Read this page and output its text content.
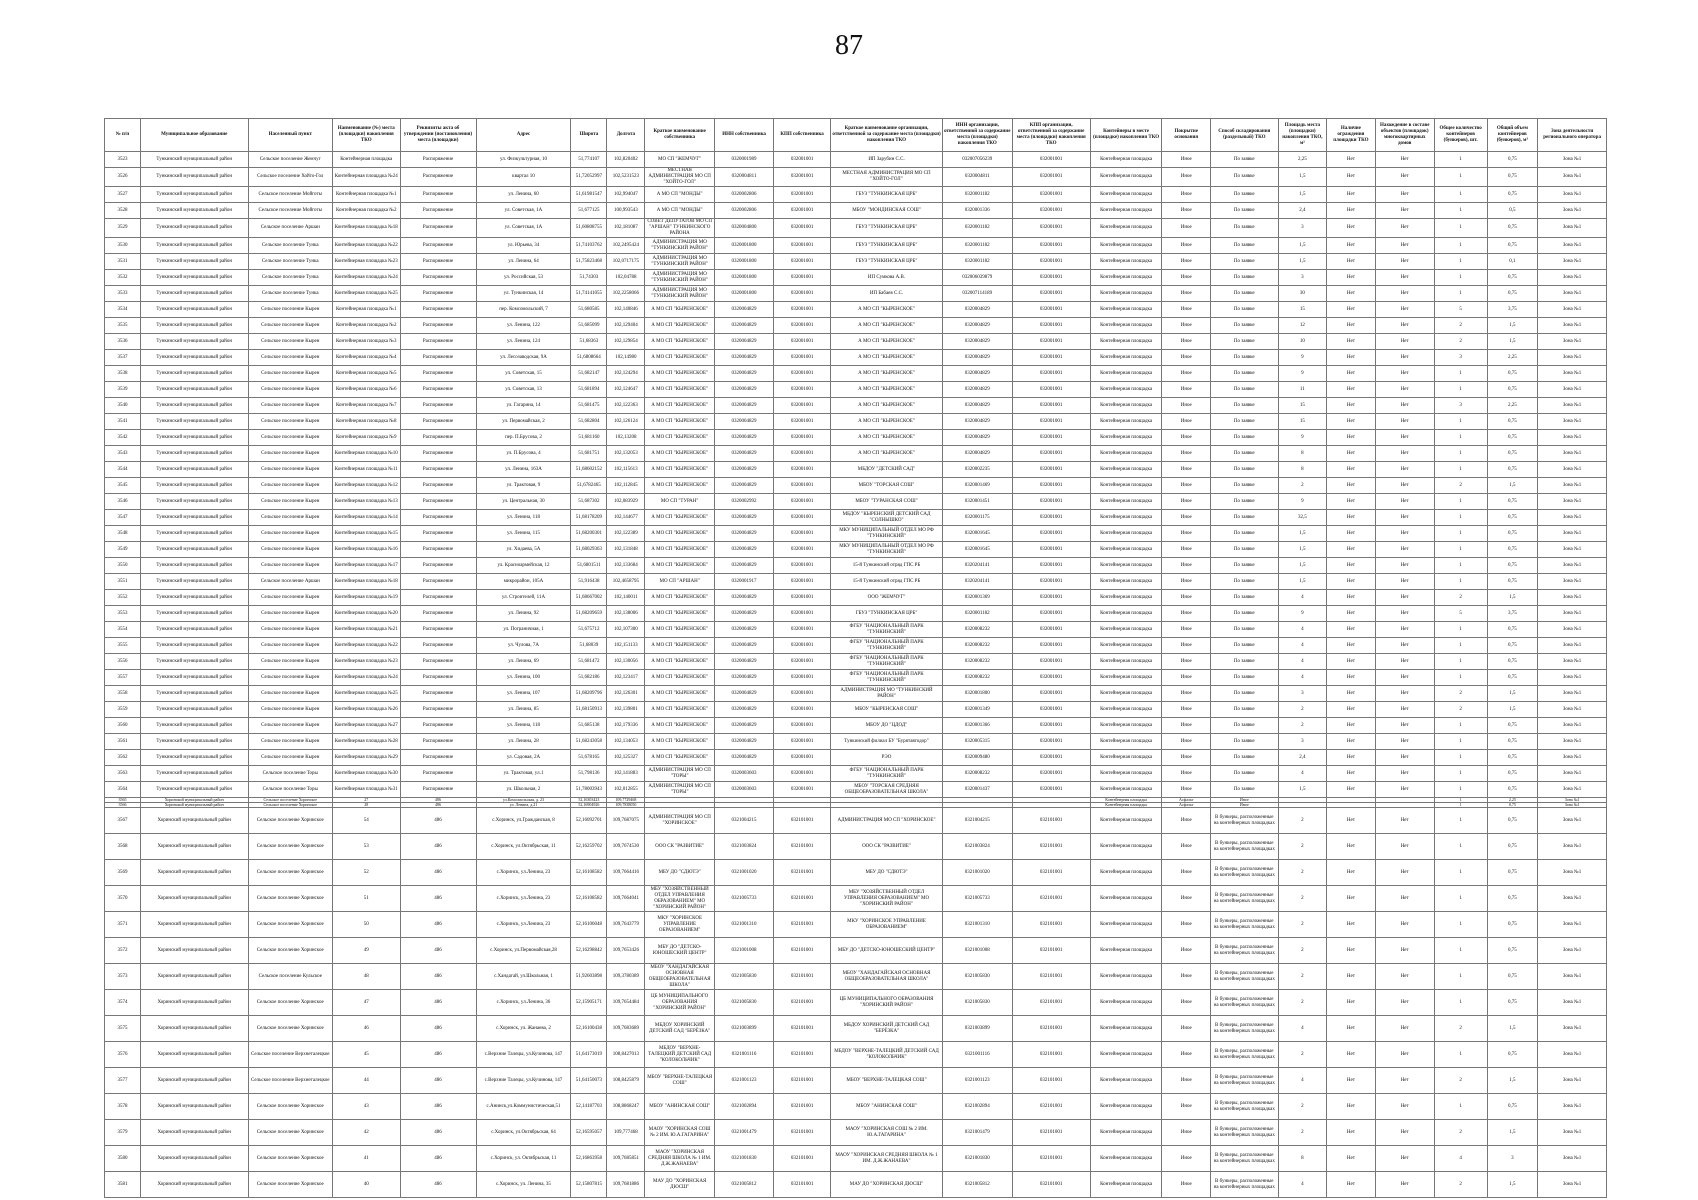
87
№ п/п	Муниципальное образование	Населенный пункт	Наименование (№) места (площадки) накопления ТКО	Реквизиты акта об утверждении (постановления) места (площадки)	Адрес	Широта	Долгота	Краткое наименование собственника	ИНН собственника	КПП собственника	Краткое наименование организации, ответственной за содержание места (площадки) накопления ТКО	ИНН организации, ответственной за содержание места (площадки) накопления ТКО	КПП организации, ответственной за содержание места (площадки) накопления ТКО	Контейнеры в месте (площадке) накопления ТКО	Покрытие основания	Способ складирования (раздельный) ТКО	Площадь места (площадки) накопления ТКО, м²	Наличие ограждения площадки ТКО	Нахождение в составе объектов (площадок) многоквартирных домов	Общее количество контейнеров (бункеров), шт.	Общий объем контейнеров (бункеров), м³	Зона деятельности регионального оператора
3523	Тункинский муниципальный район	Сельское поселение Жемчуг	Контейнерная площадка	Распоряжение	ул. Физкультурная, 10	51,774107	102,820402	МО СП "ЖЕМЧУГ"	0320001989	032001001	ИП Зарубин С.С.	032007056239	032001001	Контейнерная площадка	Иное	По заявке	2,25	Нет	Нет	1	0,75	Зона №1
3526	Тункинский муниципальный район	Сельское поселение Хойто-Гол	Контейнерная площадка №24	Распоряжение	квартал 10	51,72052997	102,5231523	МЕСТНАЯ АДМИНИСТРАЦИЯ МО СП "ХОЙТО-ГОЛ"	0320004811	032001001	МЕСТНАЯ АДМИНИСТРАЦИЯ МО СП "ХОЙТО-ГОЛ"	0320004811	032001001	Контейнерная площадка	Иное	По заявке	1,5	Нет	Нет	1	0,75	Зона №1
3527	Тункинский муниципальный район	Сельское поселение Мойготы	Контейнерная площадка №1	Распоряжение	ул. Ленина, 60	51,61981547	102,994047	А МО СП "МОНДЫ"	0320002806	032001001	ГБУЗ "ТУНКИНСКАЯ ЦРБ"	0320001182	032001001	Контейнерная площадка	Иное	По заявке	1,5	Нет	Нет	1	0,75	Зона №1
3528	Тункинский муниципальный район	Сельское поселение Мойготы	Контейнерная площадка №2	Распоряжение	ул. Советская, 1А	51,677125	100,993543	А МО СП "МОНДЫ"	0320002806	032001001	МБОУ "МОНДИНСКАЯ СОШ"	0320001336	032001001	Контейнерная площадка	Иное	По заявке	2,4	Нет	Нет	1	0,5	Зона №1
3529	Тункинский муниципальный район	Сельское поселение Аршан	Контейнерная площадка №18	Распоряжение	ул. Советская, 1А	51,60808755	102,181087	СОВЕТ ДЕПУТАТОВ МО СП "АРШАН" ТУНКИНСКОГО РАЙОНА	0320004800	032001001	ГБУЗ "ТУНКИНСКАЯ ЦРБ"	0320001182	032001001	Контейнерная площадка	Иное	По заявке	3	Нет	Нет	1	0,75	Зона №1
3530	Тункинский муниципальный район	Сельское поселение Тунка	Контейнерная площадка №22	Распоряжение	ул. Юрьева, 34	51,74103762	102,2495424	АДМИНИСТРАЦИЯ МО "ТУНКИНСКИЙ РАЙОН"	0320001800	032001001	ГБУЗ "ТУНКИНСКАЯ ЦРБ"	0320001182	032001001	Контейнерная площадка	Иное	По заявке	1,5	Нет	Нет	1	0,75	Зона №1
3531	Тункинский муниципальный район	Сельское поселение Тунка	Контейнерная площадка №23	Распоряжение	ул. Ленина, 64	51,75823468	102,0717175	АДМИНИСТРАЦИЯ МО "ТУНКИНСКИЙ РАЙОН"	0320001800	032001001	ГБУЗ "ТУНКИНСКАЯ ЦРБ"	0320001182	032001001	Контейнерная площадка	Иное	По заявке	1,5	Нет	Нет	1	0,1	Зона №1
3532	Тункинский муниципальный район	Сельское поселение Тунка	Контейнерная площадка №24	Распоряжение	ул. Российская, 53	51,74303	102,04788	АДМИНИСТРАЦИЯ МО "ТУНКИНСКИЙ РАЙОН"	0320001800	032001001	ИП Сумкова А.В.	032006039879	032001001	Контейнерная площадка	Иное	По заявке	3	Нет	Нет	1	0,75	Зона №1
3533	Тункинский муниципальный район	Сельское поселение Тунка	Контейнерная площадка №25	Распоряжение	ул. Тункинская, 14	51,74141055	102,2258066	АДМИНИСТРАЦИЯ МО "ТУНКИНСКИЙ РАЙОН"	0320001800	032001001	ИП Бабаев С.С.	032007114189	032001001	Контейнерная площадка	Иное	По заявке	30	Нет	Нет	1	0,75	Зона №1
3534	Тункинский муниципальный район	Сельское поселение Кырен	Контейнерная площадка №1	Распоряжение	пер. Комсомольский, 7	51,680585	102,140846	А МО СП "КЫРЕНСКОЕ"	0320004829	032001001	А МО СП "КЫРЕНСКОЕ"	0320004829	032001001	Контейнерная площадка	Иное	По заявке	15	Нет	Нет	5	3,75	Зона №1
3535	Тункинский муниципальный район	Сельское поселение Кырен	Контейнерная площадка №2	Распоряжение	ул. Ленина, 122	51,685099	102,129404	А МО СП "КЫРЕНСКОЕ"	0320004829	032001001	А МО СП "КЫРЕНСКОЕ"	0320004829	032001001	Контейнерная площадка	Иное	По заявке	12	Нет	Нет	2	1,5	Зона №1
3536	Тункинский муниципальный район	Сельское поселение Кырен	Контейнерная площадка №3	Распоряжение	ул. Ленина, 124	51,68363	102,129854	А МО СП "КЫРЕНСКОЕ"	0320004829	032001001	А МО СП "КЫРЕНСКОЕ"	0320004829	032001001	Контейнерная площадка	Иное	По заявке	10	Нет	Нет	2	1,5	Зона №1
3537	Тункинский муниципальный район	Сельское поселение Кырен	Контейнерная площадка №4	Распоряжение	ул. Лесозаводская, 9А	51,6808664	102,14980	А МО СП "КЫРЕНСКОЕ"	0320004829	032001001	А МО СП "КЫРЕНСКОЕ"	0320004829	032001001	Контейнерная площадка	Иное	По заявке	9	Нет	Нет	3	2,25	Зона №1
3538	Тункинский муниципальный район	Сельское поселение Кырен	Контейнерная площадка №5	Распоряжение	ул. Советская, 15	51,682147	102,124294	А МО СП "КЫРЕНСКОЕ"	0320004829	032001001	А МО СП "КЫРЕНСКОЕ"	0320004829	032001001	Контейнерная площадка	Иное	По заявке	9	Нет	Нет	1	0,75	Зона №1
3539	Тункинский муниципальный район	Сельское поселение Кырен	Контейнерная площадка №6	Распоряжение	ул. Советская, 13	51,681894	102,124647	А МО СП "КЫРЕНСКОЕ"	0320004829	032001001	А МО СП "КЫРЕНСКОЕ"	0320004829	032001001	Контейнерная площадка	Иное	По заявке	11	Нет	Нет	1	0,75	Зона №1
3540	Тункинский муниципальный район	Сельское поселение Кырен	Контейнерная площадка №7	Распоряжение	ул. Гагарина, 14	51,681475	102,122363	А МО СП "КЫРЕНСКОЕ"	0320004829	032001001	А МО СП "КЫРЕНСКОЕ"	0320004829	032001001	Контейнерная площадка	Иное	По заявке	15	Нет	Нет	3	2,25	Зона №1
3541	Тункинский муниципальный район	Сельское поселение Кырен	Контейнерная площадка №8	Распоряжение	ул. Первомайская, 2	51,682804	102,126124	А МО СП "КЫРЕНСКОЕ"	0320004829	032001001	А МО СП "КЫРЕНСКОЕ"	0320004829	032001001	Контейнерная площадка	Иное	По заявке	15	Нет	Нет	1	0,75	Зона №1
3542	Тункинский муниципальный район	Сельское поселение Кырен	Контейнерная площадка №9	Распоряжение	пер. П.Брусова, 2	51,681160	102,13208	А МО СП "КЫРЕНСКОЕ"	0320004829	032001001	А МО СП "КЫРЕНСКОЕ"	0320004829	032001001	Контейнерная площадка	Иное	По заявке	9	Нет	Нет	1	0,75	Зона №1
3543	Тункинский муниципальный район	Сельское поселение Кырен	Контейнерная площадка №10	Распоряжение	ул. П.Брусова, 4	51,681751	102,132053	А МО СП "КЫРЕНСКОЕ"	0320004829	032001001	А МО СП "КЫРЕНСКОЕ"	0320004829	032001001	Контейнерная площадка	Иное	По заявке	8	Нет	Нет	1	0,75	Зона №1
3544	Тункинский муниципальный район	Сельское поселение Кырен	Контейнерная площадка №11	Распоряжение	ул. Ленина, 163А	51,68602152	102,115613	А МО СП "КЫРЕНСКОЕ"	0320004829	032001001	МБДОУ "ДЕТСКИЙ САД"	0320002235	032001001	Контейнерная площадка	Иное	По заявке	8	Нет	Нет	1	0,75	Зона №1
3545	Тункинский муниципальный район	Сельское поселение Кырен	Контейнерная площадка №12	Распоряжение	ул. Трактовая, 9	51,6782465	102,112845	А МО СП "КЫРЕНСКОЕ"	0320004829	032001001	МБОУ "ТОРСКАЯ СОШ"	0320001469	032001001	Контейнерная площадка	Иное	По заявке	2	Нет	Нет	2	1,5	Зона №1
3546	Тункинский муниципальный район	Сельское поселение Кырен	Контейнерная площадка №13	Распоряжение	ул. Центральная, 30	51,687302	102,083929	МО СП "ТУРАН"	0320002992	032001001	МБОУ "ТУРАНСКАЯ СОШ"	0320001451	032001001	Контейнерная площадка	Иное	По заявке	9	Нет	Нет	1	0,75	Зона №1
3547	Тункинский муниципальный район	Сельское поселение Кырен	Контейнерная площадка №14	Распоряжение	ул. Ленина, 118	51,68178209	102,144677	А МО СП "КЫРЕНСКОЕ"	0320004829	032001001	МБДОУ "КЫРЕНСКИЙ ДЕТСКИЙ САД "СОЛНЫШКО"	0320001175	032001001	Контейнерная площадка	Иное	По заявке	32,5	Нет	Нет	1	0,75	Зона №1
3548	Тункинский муниципальный район	Сельское поселение Кырен	Контейнерная площадка №15	Распоряжение	ул. Ленина, 115	51,68200301	102,122389	А МО СП "КЫРЕНСКОЕ"	0320004829	032001001	МКУ МУНИЦИПАЛЬНЫЙ ОТДЕЛ МО РФ "ТУНКИНСКИЙ"	0320001645	032001001	Контейнерная площадка	Иное	По заявке	1,5	Нет	Нет	1	0,75	Зона №1
3549	Тункинский муниципальный район	Сельское поселение Кырен	Контейнерная площадка №16	Распоряжение	ул. Хидаева, 5А	51,68029363	102,131848	А МО СП "КЫРЕНСКОЕ"	0320004829	032001001	МКУ МУНИЦИПАЛЬНЫЙ ОТДЕЛ МО РФ "ТУНКИНСКИЙ"	0320001645	032001001	Контейнерная площадка	Иное	По заявке	1,5	Нет	Нет	1	0,75	Зона №1
3550	Тункинский муниципальный район	Сельское поселение Кырен	Контейнерная площадка №17	Распоряжение	ул. Красноармейская, 12	51,6801511	102,133684	А МО СП "КЫРЕНСКОЕ"	0320004829	032001001	15-й Тункинский отряд ГПС РБ	0320204141	032001001	Контейнерная площадка	Иное	По заявке	1,5	Нет	Нет	1	0,75	Зона №1
3551	Тункинский муниципальный район	Сельское поселение Аршан	Контейнерная площадка №18	Распоряжение	микрорайон, 105А	51,916438	102,4658795	МО СП "АРШАН"	0320001917	032001001	15-й Тункинский отряд ГПС РБ	0320204141	032001001	Контейнерная площадка	Иное	По заявке	1,5	Нет	Нет	1	0,75	Зона №1
3552	Тункинский муниципальный район	Сельское поселение Кырен	Контейнерная площадка №19	Распоряжение	ул. Строителей, 11А	51,68667002	102,140011	А МО СП "КЫРЕНСКОЕ"	0320004829	032001001	ООО "ЖЕМЧУГ"	0320001369	032001001	Контейнерная площадка	Иное	По заявке	4	Нет	Нет	2	1,5	Зона №1
3553	Тункинский муниципальный район	Сельское поселение Кырен	Контейнерная площадка №20	Распоряжение	ул. Ленина, 92	51,68209659	102,138006	А МО СП "КЫРЕНСКОЕ"	0320004829	032001001	ГБУЗ "ТУНКИНСКАЯ ЦРБ"	0320001182	032001001	Контейнерная площадка	Иное	По заявке	9	Нет	Нет	5	3,75	Зона №1
3554	Тункинский муниципальный район	Сельское поселение Кырен	Контейнерная площадка №21	Распоряжение	ул. Пограничная, 1	51,675712	102,107300	А МО СП "КЫРЕНСКОЕ"	0320004829	032001001	ФГБУ "НАЦИОНАЛЬНЫЙ ПАРК "ТУНКИНСКИЙ"	0320008232	032001001	Контейнерная площадка	Иное	По заявке	4	Нет	Нет	1	0,75	Зона №1
3555	Тункинский муниципальный район	Сельское поселение Кырен	Контейнерная площадка №22	Распоряжение	ул. Чулова, 7А	51,68039	102,151133	А МО СП "КЫРЕНСКОЕ"	0320004829	032001001	ФГБУ "НАЦИОНАЛЬНЫЙ ПАРК "ТУНКИНСКИЙ"	0320008232	032001001	Контейнерная площадка	Иное	По заявке	4	Нет	Нет	1	0,75	Зона №1
3556	Тункинский муниципальный район	Сельское поселение Кырен	Контейнерная площадка №23	Распоряжение	ул. Ленина, 69	51,681472	102,130056	А МО СП "КЫРЕНСКОЕ"	0320004829	032001001	ФГБУ "НАЦИОНАЛЬНЫЙ ПАРК "ТУНКИНСКИЙ"	0320008232	032001001	Контейнерная площадка	Иное	По заявке	4	Нет	Нет	1	0,75	Зона №1
3557	Тункинский муниципальный район	Сельское поселение Кырен	Контейнерная площадка №24	Распоряжение	ул. Ленина, 100	51,682186	102,123417	А МО СП "КЫРЕНСКОЕ"	0320004829	032001001	ФГБУ "НАЦИОНАЛЬНЫЙ ПАРК "ТУНКИНСКИЙ"	0320008232	032001001	Контейнерная площадка	Иное	По заявке	4	Нет	Нет	1	0,75	Зона №1
3558	Тункинский муниципальный район	Сельское поселение Кырен	Контейнерная площадка №25	Распоряжение	ул. Ленина, 107	51,68209796	102,126301	А МО СП "КЫРЕНСКОЕ"	0320004829	032001001	АДМИНИСТРАЦИЯ МО "ТУНКИНСКИЙ РАЙОН"	0320001800	032001001	Контейнерная площадка	Иное	По заявке	3	Нет	Нет	2	1,5	Зона №1
3559	Тункинский муниципальный район	Сельское поселение Кырен	Контейнерная площадка №26	Распоряжение	ул. Ленина, 85	51,68150913	102,139801	А МО СП "КЫРЕНСКОЕ"	0320004829	032001001	МБОУ "КЫРЕНСКАЯ СОШ"	0320001349	032001001	Контейнерная площадка	Иное	По заявке	2	Нет	Нет	2	1,5	Зона №1
3560	Тункинский муниципальный район	Сельское поселение Кырен	Контейнерная площадка №27	Распоряжение	ул. Ленина, 118	51,685138	102,179336	А МО СП "КЫРЕНСКОЕ"	0320004829	032001001	МБОУ ДО "ЦДОД"	0320001366	032001001	Контейнерная площадка	Иное	По заявке	2	Нет	Нет	1	0,75	Зона №1
3561	Тункинский муниципальный район	Сельское поселение Кырен	Контейнерная площадка №28	Распоряжение	ул. Ленина, 28	51,68243058	102,134053	А МО СП "КЫРЕНСКОЕ"	0320004829	032001001	Тункинский филиал БУ "Бурятавтодор"	0320005315	032001001	Контейнерная площадка	Иное	По заявке	3	Нет	Нет	1	0,75	Зона №1
3562	Тункинский муниципальный район	Сельское поселение Кырен	Контейнерная площадка №29	Распоряжение	ул. Садовая, 2А	51,678165	102,125327	А МО СП "КЫРЕНСКОЕ"	0320004829	032001001	РЭО	0320009480	032001001	Контейнерная площадка	Иное	По заявке	2,4	Нет	Нет	1	0,75	Зона №1
3563	Тункинский муниципальный район	Сельское поселение Торы	Контейнерная площадка №30	Распоряжение	ул. Трактовая, ул.1	51,798136	102,141883	АДМИНИСТРАЦИЯ МО СП "ТОРЫ"	0320003603	032001001	ФГБУ "НАЦИОНАЛЬНЫЙ ПАРК "ТУНКИНСКИЙ"	0320008232	032001001	Контейнерная площадка	Иное	По заявке	4	Нет	Нет	1	0,75	Зона №1
3564	Тункинский муниципальный район	Сельское поселение Торы	Контейнерная площадка №31	Распоряжение	ул. Школьная, 2	51,78003943	102,012855	АДМИНИСТРАЦИЯ МО СП "ТОРЫ"	0320003603	032001001	МБОУ "ТОРСКАЯ СРЕДНЯЯ ОБЩЕОБРАЗОВАТЕЛЬНАЯ ШКОЛА"	0320001437	032001001	Контейнерная площадка	Иное	По заявке	1,5	Нет	Нет	1	0,75	Зона №1
3565	Хоринский муниципальный район	Сельское поселение Хоринское	27	486	ул.Комсомольская, д. 23	52,16303423	109,7729468							Контейнерная площадка	Асфальт	Иное				1	2,25	Зона №1
3566	Хоринский муниципальный район	Сельское поселение Хоринское	28	486	ул. Ленина, д.21	52,16904926	109,7838050							Контейнерная площадка	Асфальт	Иное				1	0,75	Зона №1
3567	Хоринский муниципальный район	Сельское поселение Хоринское	54	486	с.Хоринск, ул.Гражданская, 8	52,16092701	109,7687075	АДМИНИСТРАЦИЯ МО СП "ХОРИНСКОЕ"	0321004215	032101001	АДМИНИСТРАЦИЯ МО СП "ХОРИНСКОЕ"	0321004215	032101001	Контейнерная площадка	Иное	В бункеры, расположенные на контейнерных площадках	2	Нет	Нет	1	0,75	Зона №1
3568	Хоринский муниципальный район	Сельское поселение Хоринское	53	486	с.Хоринск, ул.Октябрьская, 11	52,16259702	109,7674530	ООО СК "РАЗВИТИЕ"	0321003824	032101001	ООО СК "РАЗВИТИЕ"	0321003824	032101001	Контейнерная площадка	Иное	В бункеры, расположенные на контейнерных площадках	2	Нет	Нет	1	0,75	Зона №1
3569	Хоринский муниципальный район	Сельское поселение Хоринское	52	486	с.Хоринск, ул.Ленина, 23	52,16108582	109,7664416	МБУ ДО "СДЮТЭ"	0321001020	032101001	МБУ ДО "СДЮТЭ"	0321001020	032101001	Контейнерная площадка	Иное	В бункеры, расположенные на контейнерных площадках	2	Нет	Нет	1	0,75	Зона №1
3570	Хоринский муниципальный район	Сельское поселение Хоринское	51	486	с.Хоринск, ул.Ленина, 23	52,16108582	109,7664041	МБУ "ХОЗЯЙСТВЕННЫЙ ОТДЕЛ УПРАВЛЕНИЯ ОБРАЗОВАНИЕМ" МО "ХОРИНСКИЙ РАЙОН"	0321005733	032101001	МБУ "ХОЗЯЙСТВЕННЫЙ ОТДЕЛ УПРАВЛЕНИЯ ОБРАЗОВАНИЕМ" МО "ХОРИНСКИЙ РАЙОН"	0321005733	032101001	Контейнерная площадка	Иное	В бункеры, расположенные на контейнерных площадках	2	Нет	Нет	1	0,75	Зона №1
3571	Хоринский муниципальный район	Сельское поселение Хоринское	50	486	с.Хоринск, ул.Ленина, 23	52,16106048	109,7643779	МКУ "ХОРИНСКОЕ УПРАВЛЕНИЕ ОБРАЗОВАНИЕМ"	0321001310	032101001	МКУ "ХОРИНСКОЕ УПРАВЛЕНИЕ ОБРАЗОВАНИЕМ"	0321001310	032101001	Контейнерная площадка	Иное	В бункеры, расположенные на контейнерных площадках	2	Нет	Нет	1	0,75	Зона №1
3572	Хоринский муниципальный район	Сельское поселение Хоринское	49	486	с.Хоринск, ул.Первомайская,28	52,16298842	109,7653426	МБУ ДО "ДЕТСКО-ЮНОШЕСКИЙ ЦЕНТР"	0321001008	032101001	МБУ ДО "ДЕТСКО-ЮНОШЕСКИЙ ЦЕНТР"	0321001008	032101001	Контейнерная площадка	Иное	В бункеры, расположенные на контейнерных площадках	2	Нет	Нет	1	0,75	Зона №1
3573	Хоринский муниципальный район	Сельское поселение Кульское	48	486	с.Хандагай, ул.Школьная, 1	51,92603898	109,3780389	МБОУ "ХАНДАГАЙСКАЯ ОСНОВНАЯ ОБЩЕОБРАЗОВАТЕЛЬНАЯ ШКОЛА"	0321005830	032101001	МБОУ "ХАНДАГАЙСКАЯ ОСНОВНАЯ ОБЩЕОБРАЗОВАТЕЛЬНАЯ ШКОЛА"	0321005830	032101001	Контейнерная площадка	Иное	В бункеры, расположенные на контейнерных площадках	2	Нет	Нет	1	0,75	Зона №1
3574	Хоринский муниципальный район	Сельское поселение Хоринское	47	486	с.Хоринск, ул.Ленина, 36	52,15905171	109,7654484	ЦБ МУНИЦИПАЛЬНОГО ОБРАЗОВАНИЯ "ХОРИНСКИЙ РАЙОН"	0321005830	032101001	ЦБ МУНИЦИПАЛЬНОГО ОБРАЗОВАНИЯ "ХОРИНСКИЙ РАЙОН"	0321005830	032101001	Контейнерная площадка	Иное	В бункеры, расположенные на контейнерных площадках	2	Нет	Нет	1	0,75	Зона №1
3575	Хоринский муниципальный район	Сельское поселение Хоринское	46	486	с.Хоринск, ул. Жанаева, 2	52,16100438	109,7683689	МБДОУ ХОРИНСКИЙ ДЕТСКИЙ САД "БЕРЁЗКА"	0321003899	032101001	МБДОУ ХОРИНСКИЙ ДЕТСКИЙ САД "БЕРЁЗКА"	0321003899	032101001	Контейнерная площадка	Иное	В бункеры, расположенные на контейнерных площадках	4	Нет	Нет	2	1,5	Зона №1
3576	Хоринский муниципальный район	Сельское поселение Верхнеталецкое	45	486	с.Верхние Талецы, ул.Кучинова, 147	51,64173019	108,8427013	МБДОУ "ВЕРХНЕ-ТАЛЕЦКИЙ ДЕТСКИЙ САД "КОЛОКОЛЬЧИК"	0321001116	032101001	МБДОУ "ВЕРХНЕ-ТАЛЕЦКИЙ ДЕТСКИЙ САД "КОЛОКОЛЬЧИК"	0321001116	032101001	Контейнерная площадка	Иное	В бункеры, расположенные на контейнерных площадках	2	Нет	Нет	1	0,75	Зона №1
3577	Хоринский муниципальный район	Сельское поселение Верхнеталецкое	44	486	с.Верхние Талецы, ул.Кучинова, 147	51,64150073	108,8425879	МБОУ "ВЕРХНЕ-ТАЛЕЦКАЯ СОШ"	0321001123	032101001	МБОУ "ВЕРХНЕ-ТАЛЕЦКАЯ СОШ"	0321001123	032101001	Контейнерная площадка	Иное	В бункеры, расположенные на контейнерных площадках	4	Нет	Нет	2	1,5	Зона №1
3578	Хоринский муниципальный район	Сельское поселение Хоринское	43	486	с.Анинск,ул.Коммунистическая,51	52,14187703	108,8868247	МБОУ "АНИНСКАЯ СОШ"	0321002894	032101001	МБОУ "АНИНСКАЯ СОШ"	0321002894	032101001	Контейнерная площадка	Иное	В бункеры, расположенные на контейнерных площадках	2	Нет	Нет	1	0,75	Зона №1
3579	Хоринский муниципальный район	Сельское поселение Хоринское	42	486	с.Хоринск, ул.Октябрьская, 64	52,16595057	109,777468	МАОУ "ХОРИНСКАЯ СОШ № 2 ИМ. Ю.А.ГАГАРИНА"	0321001479	032101001	МАОУ "ХОРИНСКАЯ СОШ № 2 ИМ. Ю.А.ГАГАРИНА"	0321001479	032101001	Контейнерная площадка	Иное	В бункеры, расположенные на контейнерных площадках	2	Нет	Нет	2	1,5	Зона №1
3580	Хоринский муниципальный район	Сельское поселение Хоринское	41	486	с.Хоринск, ул. Октябрьская, 11	52,16863958	109,7685851	МАОУ "ХОРИНСКАЯ СРЕДНЯЯ ШКОЛА № 1 ИМ. Д.Ж.ЖАНАЕВА"	0321001830	032101001	МАОУ "ХОРИНСКАЯ СРЕДНЯЯ ШКОЛА № 1 ИМ. Д.Ж.ЖАНАЕВА"	0321001830	032101001	Контейнерная площадка	Иное	В бункеры, расположенные на контейнерных площадках	8	Нет	Нет	4	3	Зона №1
3581	Хоринский муниципальный район	Сельское поселение Хоринское	40	486	с.Хоринск, ул. Ленина, 35	52,15807815	109,7681886	МАУ ДО "ХОРИНСКАЯ ДЮСШ"	0321005812	032101001	МАУ ДО "ХОРИНСКАЯ ДЮСШ"	0321005812	032101001	Контейнерная площадка	Иное	В бункеры, расположенные на контейнерных площадках	4	Нет	Нет	2	1,5	Зона №1
